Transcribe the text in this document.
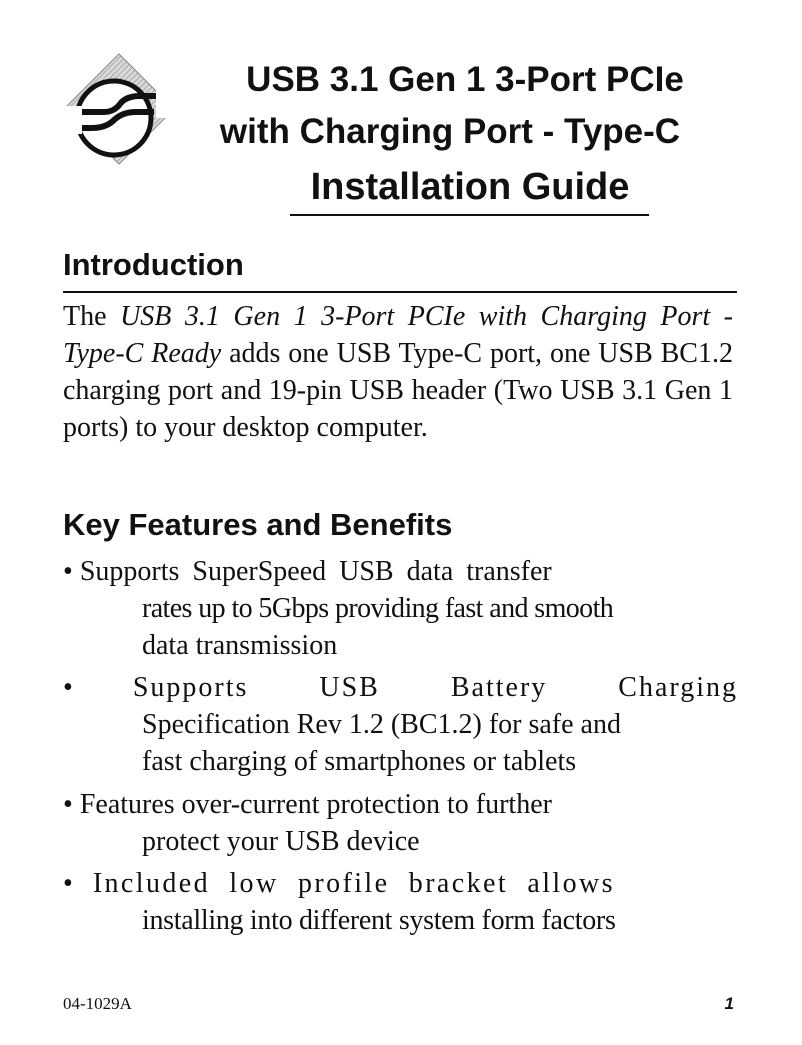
USB 3.1 Gen 1 3-Port PCIe
with Charging Port - Type-C
Installation Guide
Introduction
The USB 3.1 Gen 1 3-Port PCIe with Charging Port - Type-C Ready adds one USB Type-C port, one USB BC1.2 charging port and 19-pin USB header (Two USB 3.1 Gen 1 ports) to your desktop computer.
Key Features and Benefits
• Supports SuperSpeed USB data transfer
rates up to 5Gbps providing fast and smooth
data transmission
• Supports USB Battery Charging
Specification Rev 1.2 (BC1.2) for safe and
fast charging of smartphones or tablets
• Features over-current protection to further
protect your USB device
• Included low profile bracket allows
installing into different system form factors
04-1029A	1
